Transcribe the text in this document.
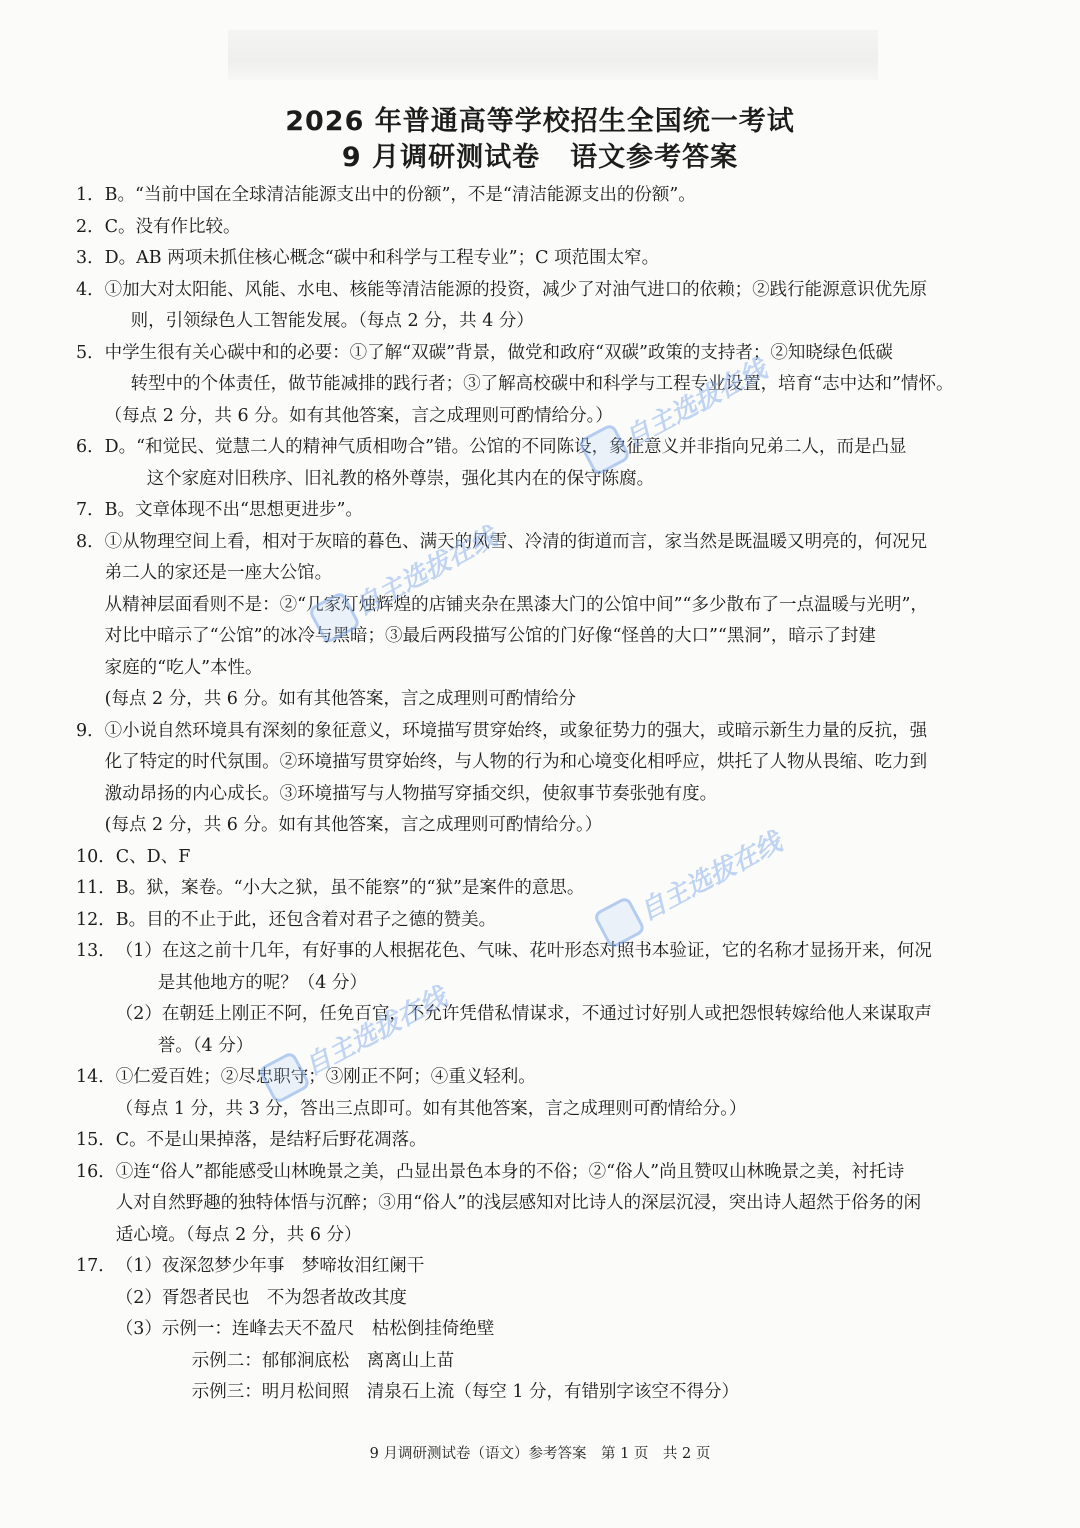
2026 年普通高等学校招生全国统一考试
9 月调研测试卷 语文参考答案
1． B。“当前中国在全球清洁能源支出中的份额”，不是“清洁能源支出的份额”。
2． C。没有作比较。
3． D。AB 两项未抓住核心概念“碳中和科学与工程专业”；C 项范围太窄。
4． ①加大对太阳能、风能、水电、核能等清洁能源的投资，减少了对油气进口的依赖；②践行能源意识优先原
则，引领绿色人工智能发展。（每点 2 分，共 4 分）
5． 中学生很有关心碳中和的必要：①了解“双碳”背景，做党和政府“双碳”政策的支持者；②知晓绿色低碳
转型中的个体责任，做节能减排的践行者；③了解高校碳中和科学与工程专业设置，培育“志中达和”情怀。
（每点 2 分，共 6 分。如有其他答案，言之成理则可酌情给分。）
6． D。“和觉民、觉慧二人的精神气质相吻合”错。公馆的不同陈设，象征意义并非指向兄弟二人，而是凸显
这个家庭对旧秩序、旧礼教的格外尊崇，强化其内在的保守陈腐。
7． B。文章体现不出“思想更进步”。
8． ①从物理空间上看，相对于灰暗的暮色、满天的风雪、冷清的街道而言，家当然是既温暖又明亮的，何况兄
弟二人的家还是一座大公馆。
从精神层面看则不是：②“几家灯烛辉煌的店铺夹杂在黑漆大门的公馆中间”“多少散布了一点温暖与光明”，
对比中暗示了“公馆”的冰冷与黑暗；③最后两段描写公馆的门好像“怪兽的大口”“黑洞”，暗示了封建
家庭的“吃人”本性。
(每点 2 分，共 6 分。如有其他答案，言之成理则可酌情给分
9． ①小说自然环境具有深刻的象征意义，环境描写贯穿始终，或象征势力的强大，或暗示新生力量的反抗，强
化了特定的时代氛围。②环境描写贯穿始终，与人物的行为和心境变化相呼应，烘托了人物从畏缩、吃力到
激动昂扬的内心成长。③环境描写与人物描写穿插交织，使叙事节奏张弛有度。
(每点 2 分，共 6 分。如有其他答案，言之成理则可酌情给分。）
10． C、D、F
11． B。狱，案卷。“小大之狱，虽不能察”的“狱”是案件的意思。
12． B。目的不止于此，还包含着对君子之德的赞美。
13． （1）在这之前十几年，有好事的人根据花色、气味、花叶形态对照书本验证，它的名称才显扬开来，何况
是其他地方的呢？（4 分）
（2）在朝廷上刚正不阿，任免百官，不允许凭借私情谋求，不通过讨好别人或把怨恨转嫁给他人来谋取声
誉。（4 分）
14． ①仁爱百姓；②尽忠职守；③刚正不阿；④重义轻利。
（每点 1 分，共 3 分，答出三点即可。如有其他答案，言之成理则可酌情给分。）
15． C。不是山果掉落，是结籽后野花凋落。
16． ①连“俗人”都能感受山林晚景之美，凸显出景色本身的不俗；②“俗人”尚且赞叹山林晚景之美，衬托诗
人对自然野趣的独特体悟与沉醉；③用“俗人”的浅层感知对比诗人的深层沉浸，突出诗人超然于俗务的闲
适心境。（每点 2 分，共 6 分）
17． （1）夜深忽梦少年事　梦啼妆泪红阑干
（2）胥怨者民也　不为怨者故改其度
（3）示例一：连峰去天不盈尺　枯松倒挂倚绝壁
示例二：郁郁涧底松　离离山上苗
示例三：明月松间照　清泉石上流（每空 1 分，有错别字该空不得分）
自主选拔在线
自主选拔在线
自主选拔在线
自主选拔在线
9 月调研测试卷（语文）参考答案　第 1 页　共 2 页
